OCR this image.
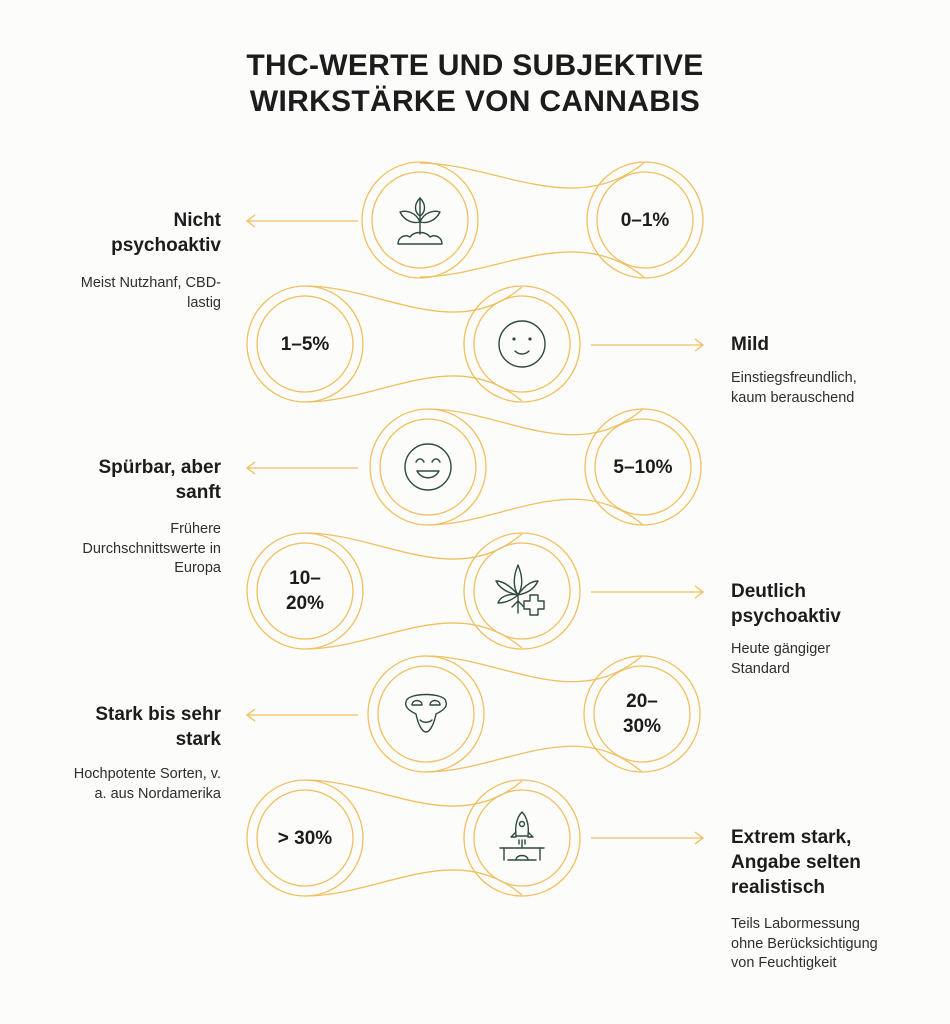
THC-WERTE UND SUBJEKTIVE
WIRKSTÄRKE VON CANNABIS
0–1%
1–5%
5–10%
10–
20%
20–
30%
> 30%
Nicht
psychoaktiv
Meist Nutzhanf, CBD-
lastig
Spürbar, aber
sanft
Frühere
Durchschnittswerte in
Europa
Stark bis sehr
stark
Hochpotente Sorten, v.
a. aus Nordamerika
Mild
Einstiegsfreundlich,
kaum berauschend
Deutlich
psychoaktiv
Heute gängiger
Standard
Extrem stark,
Angabe selten
realistisch
Teils Labormessung
ohne Berücksichtigung
von Feuchtigkeit
